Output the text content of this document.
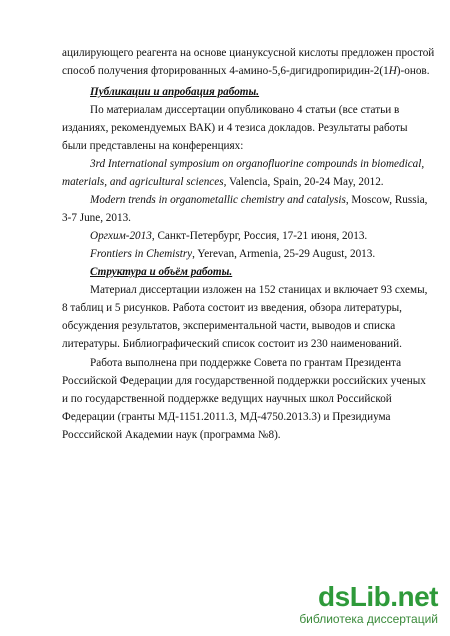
ацилирующего реагента на основе циануксусной кислоты предложен простой
способ получения фторированных 4-амино-5,6-дигидропиридин-2(1Н)-онов.
Публикации и апробация работы.
По материалам диссертации опубликовано 4 статьи (все статьи в
изданиях, рекомендуемых ВАК) и 4 тезиса докладов. Результаты работы
были представлены на конференциях:
3rd International symposium on organofluorine compounds in biomedical,
materials, and agricultural sciences, Valencia, Spain, 20-24 May, 2012.
Modern trends in organometallic chemistry and catalysis, Moscow, Russia,
3-7 June, 2013.
Оргхим-2013, Санкт-Петербург, Россия, 17-21 июня, 2013.
Frontiers in Chemistry, Yerevan, Armenia, 25-29 August, 2013.
Структура и объём работы.
Материал диссертации изложен на 152 станицах и включает 93 схемы,
8 таблиц и 5 рисунков. Работа состоит из введения, обзора литературы,
обсуждения результатов, экспериментальной части, выводов и списка
литературы. Библиографический список состоит из 230 наименований.
Работа выполнена при поддержке Совета по грантам Президента
Российской Федерации для государственной поддержки российских ученых
и по государственной поддержке ведущих научных школ Российской
Федерации (гранты МД-1151.2011.3, МД-4750.2013.3) и Президиума
Росссийской Академии наук (программа №8).
dsLib.net
библиотека диссертаций
